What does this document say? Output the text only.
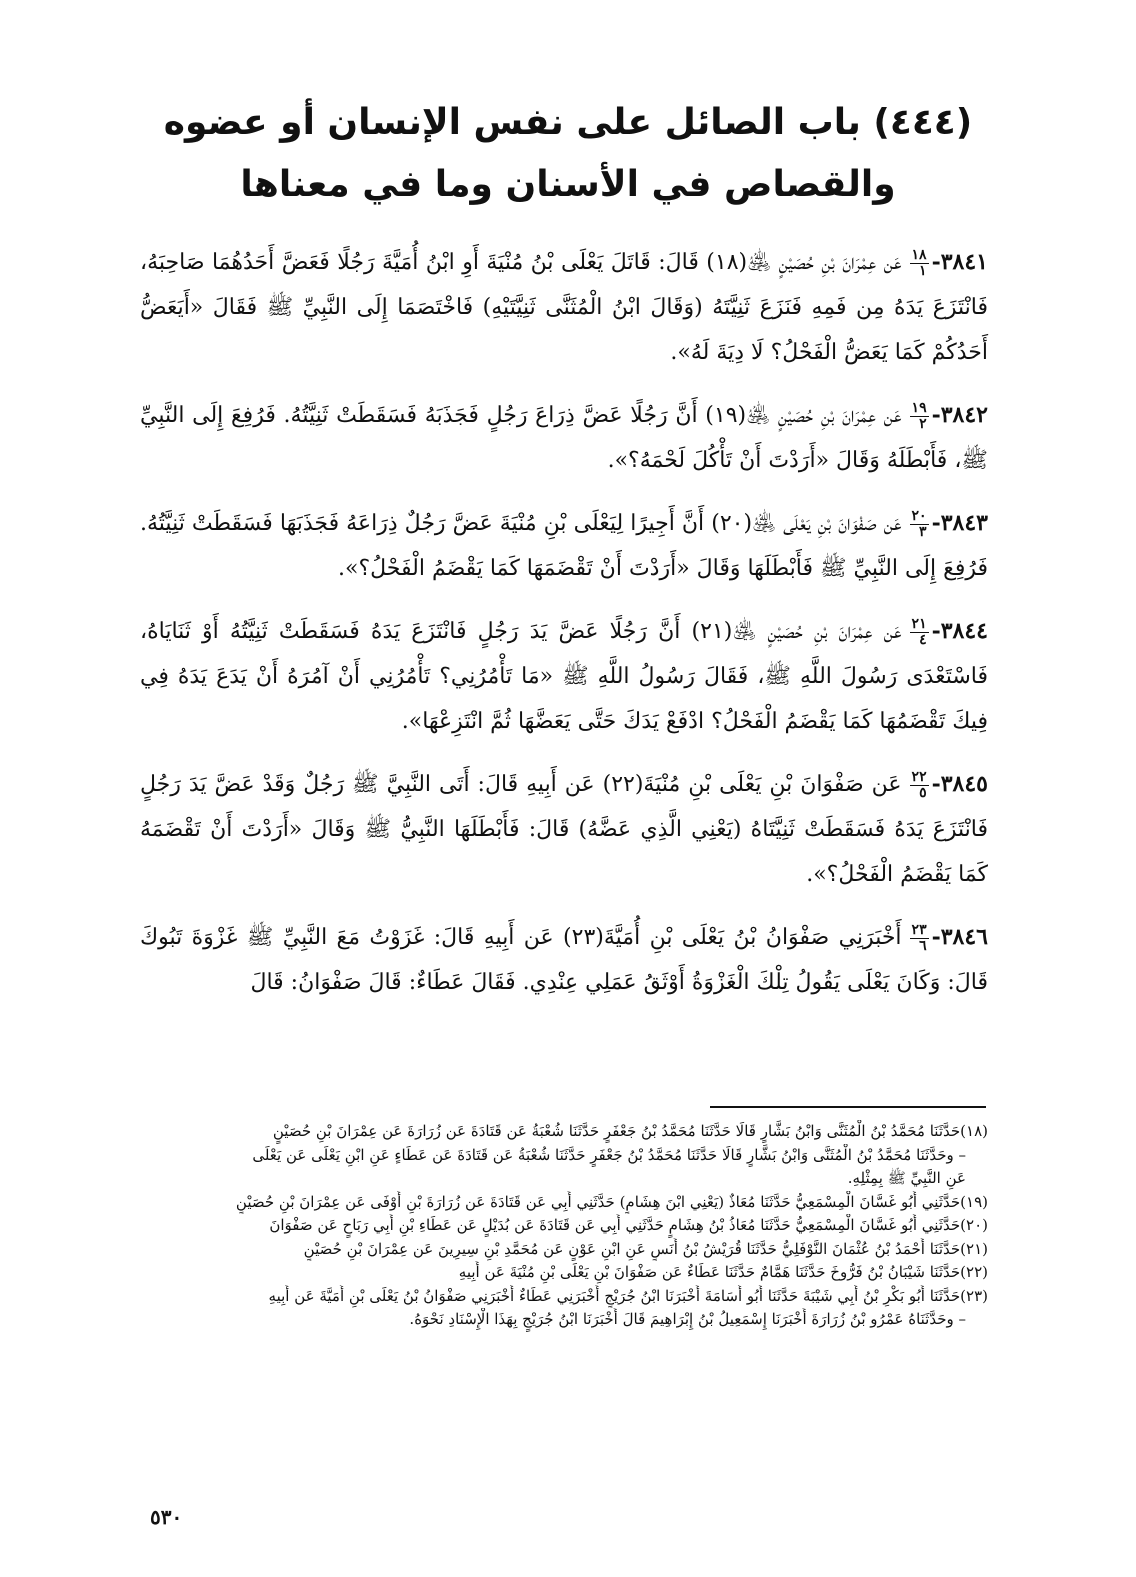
(٤٤٤) باب الصائل على نفس الإنسان أو عضوه
والقصاص في الأسنان وما في معناها

٣٨٤١-
١٨
١
عَن عِمْرَانَ بْنِ حُصَيْنٍ ﵁(١٨) قَالَ: قَاتَلَ يَعْلَى بْنُ مُنْيَةَ أَوِ ابْنُ أُمَيَّةَ رَجُلًا فَعَضَّ أَحَدُهُمَا صَاحِبَهُ، فَانْتَزَعَ يَدَهُ مِن فَمِهِ فَنَزَعَ ثَنِيَّتَهُ (وَقَالَ ابْنُ الْمُثَنَّى ثَنِيَّتَيْهِ) فَاخْتَصَمَا إِلَى النَّبِيِّ ﷺ فَقَالَ «أَيَعَضُّ أَحَدُكُمْ كَمَا يَعَضُّ الْفَحْلُ؟ لَا دِيَةَ لَهُ».

٣٨٤٢-
١٩
٢
عَن عِمْرَانَ بْنِ حُصَيْنٍ ﵁(١٩) أَنَّ رَجُلًا عَضَّ ذِرَاعَ رَجُلٍ فَجَذَبَهُ فَسَقَطَتْ ثَنِيَّتُهُ. فَرُفِعَ إِلَى النَّبِيِّ ﷺ، فَأَبْطَلَهُ وَقَالَ «أَرَدْتَ أَنْ تَأْكُلَ لَحْمَهُ؟».

٣٨٤٣-
٢٠
٣
عَن صَفْوَانَ بْنِ يَعْلَى ﵁(٢٠) أَنَّ أَجِيرًا لِيَعْلَى بْنِ مُنْيَةَ عَضَّ رَجُلٌ ذِرَاعَهُ فَجَذَبَهَا فَسَقَطَتْ ثَنِيَّتُهُ. فَرُفِعَ إِلَى النَّبِيِّ ﷺ فَأَبْطَلَهَا وَقَالَ «أَرَدْتَ أَنْ تَقْضَمَهَا كَمَا يَقْضَمُ الْفَحْلُ؟».

٣٨٤٤-
٢١
٤
عَن عِمْرَانَ بْنِ حُصَيْنٍ ﵁(٢١) أَنَّ رَجُلًا عَضَّ يَدَ رَجُلٍ فَانْتَزَعَ يَدَهُ فَسَقَطَتْ ثَنِيَّتُهُ أَوْ ثَنَايَاهُ، فَاسْتَعْدَى رَسُولَ اللَّهِ ﷺ، فَقَالَ رَسُولُ اللَّهِ ﷺ «مَا تَأْمُرُنِي؟ تَأْمُرُنِي أَنْ آمُرَهُ أَنْ يَدَعَ يَدَهُ فِي فِيكَ تَقْضَمُهَا كَمَا يَقْضَمُ الْفَحْلُ؟ ادْفَعْ يَدَكَ حَتَّى يَعَضَّهَا ثُمَّ انْتَزِعْهَا».

٣٨٤٥-
٢٢
٥
عَن صَفْوَانَ بْنِ يَعْلَى بْنِ مُنْيَةَ(٢٢) عَن أَبِيهِ قَالَ: أَتَى النَّبِيَّ ﷺ رَجُلٌ وَقَدْ عَضَّ يَدَ رَجُلٍ فَانْتَزَعَ يَدَهُ فَسَقَطَتْ ثَنِيَّتَاهُ (يَعْنِي الَّذِي عَضَّهُ) قَالَ: فَأَبْطَلَهَا النَّبِيُّ ﷺ وَقَالَ «أَرَدْتَ أَنْ تَقْضَمَهُ كَمَا يَقْضَمُ الْفَحْلُ؟».

٣٨٤٦-
٢٣
٦
أَخْبَرَنِي صَفْوَانُ بْنُ يَعْلَى بْنِ أُمَيَّةَ(٢٣) عَن أَبِيهِ قَالَ: غَزَوْتُ مَعَ النَّبِيِّ ﷺ غَزْوَةَ تَبُوكَ قَالَ: وَكَانَ يَعْلَى يَقُولُ تِلْكَ الْغَزْوَةُ أَوْثَقُ عَمَلِي عِنْدِي. فَقَالَ عَطَاءٌ: قَالَ صَفْوَانُ: قَالَ

(١٨)حَدَّثَنَا مُحَمَّدُ بْنُ الْمُثَنَّى وَابْنُ بَشَّارٍ قَالَا حَدَّثَنَا مُحَمَّدُ بْنُ جَعْفَرٍ حَدَّثَنَا شُعْبَةُ عَن قَتَادَةَ عَن زُرَارَةَ عَن عِمْرَانَ بْنِ حُصَيْنٍ

– وحَدَّثَنَا مُحَمَّدُ بْنُ الْمُثَنَّى وَابْنُ بَشَّارٍ قَالَا حَدَّثَنَا مُحَمَّدُ بْنُ جَعْفَرٍ حَدَّثَنَا شُعْبَةُ عَن قَتَادَةَ عَن عَطَاءٍ عَنِ ابْنِ يَعْلَى عَن يَعْلَى

عَنِ النَّبِيِّ ﷺ بِمِثْلِهِ.

(١٩)حَدَّثَنِي أَبُو غَسَّانَ الْمِسْمَعِيُّ حَدَّثَنَا مُعَاذٌ (يَعْنِي ابْنَ هِشَامٍ) حَدَّثَنِي أَبِي عَن قَتَادَةَ عَن زُرَارَةَ بْنِ أَوْفَى عَن عِمْرَانَ بْنِ حُصَيْنٍ

(٢٠)حَدَّثَنِي أَبُو غَسَّانَ الْمِسْمَعِيُّ حَدَّثَنَا مُعَاذُ بْنُ هِشَامٍ حَدَّثَنِي أَبِي عَن قَتَادَةَ عَن بُدَيْلٍ عَن عَطَاءِ بْنِ أَبِي رَبَاحٍ عَن صَفْوَانَ

(٢١)حَدَّثَنَا أَحْمَدُ بْنُ عُثْمَانَ النَّوْفَلِيُّ حَدَّثَنَا قُرَيْشُ بْنُ أَنَسٍ عَنِ ابْنِ عَوْنٍ عَن مُحَمَّدِ بْنِ سِيرِينَ عَن عِمْرَانَ بْنِ حُصَيْنٍ

(٢٢)حَدَّثَنَا شَيْبَانُ بْنُ فَرُّوخَ حَدَّثَنَا هَمَّامٌ حَدَّثَنَا عَطَاءٌ عَن صَفْوَانَ بْنِ يَعْلَى بْنِ مُنْيَةَ عَن أَبِيهِ

(٢٣)حَدَّثَنَا أَبُو بَكْرِ بْنُ أَبِي شَيْبَةَ حَدَّثَنَا أَبُو أُسَامَةَ أَخْبَرَنَا ابْنُ جُرَيْجٍ أَخْبَرَنِي عَطَاءٌ أَخْبَرَنِي صَفْوَانُ بْنُ يَعْلَى بْنِ أُمَيَّةَ عَن أَبِيهِ

– وحَدَّثَنَاهُ عَمْرُو بْنُ زُرَارَةَ أَخْبَرَنَا إِسْمَعِيلُ بْنُ إِبْرَاهِيمَ قَالَ أَخْبَرَنَا ابْنُ جُرَيْجٍ بِهَذَا الْإِسْنَادِ نَحْوَهُ.

٥٣٠
